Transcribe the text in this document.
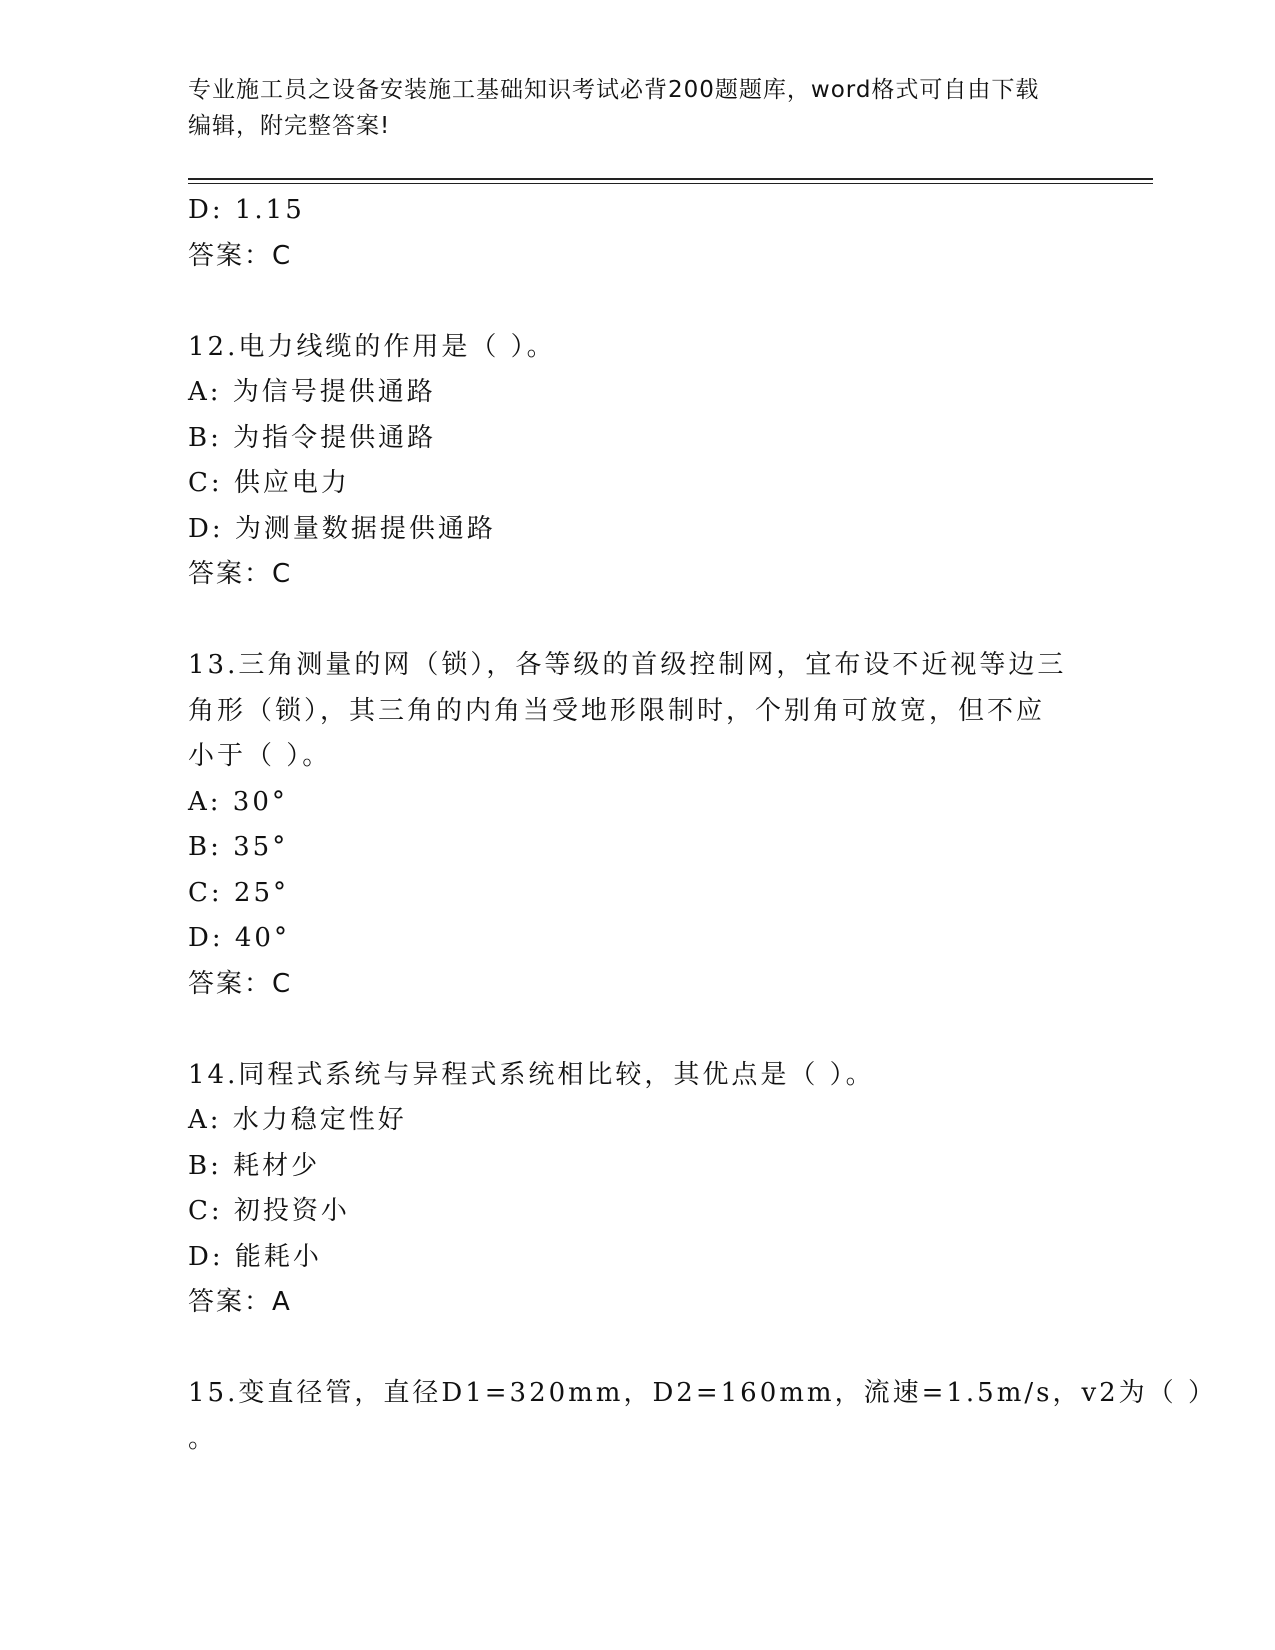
专业施工员之设备安装施工基础知识考试必背200题题库，word格式可自由下载
编辑，附完整答案!
D: 1.15
答案：C
12.电力线缆的作用是（ ）。
A: 为信号提供通路
B: 为指令提供通路
C: 供应电力
D: 为测量数据提供通路
答案：C
13.三角测量的网（锁），各等级的首级控制网，宜布设不近视等边三
角形（锁），其三角的内角当受地形限制时，个别角可放宽，但不应
小于（ ）。
A: 30°
B: 35°
C: 25°
D: 40°
答案：C
14.同程式系统与异程式系统相比较，其优点是（ ）。
A: 水力稳定性好
B: 耗材少
C: 初投资小
D: 能耗小
答案：A
15.变直径管，直径D1=320mm，D2=160mm，流速=1.5m/s，v2为（ ）
。
